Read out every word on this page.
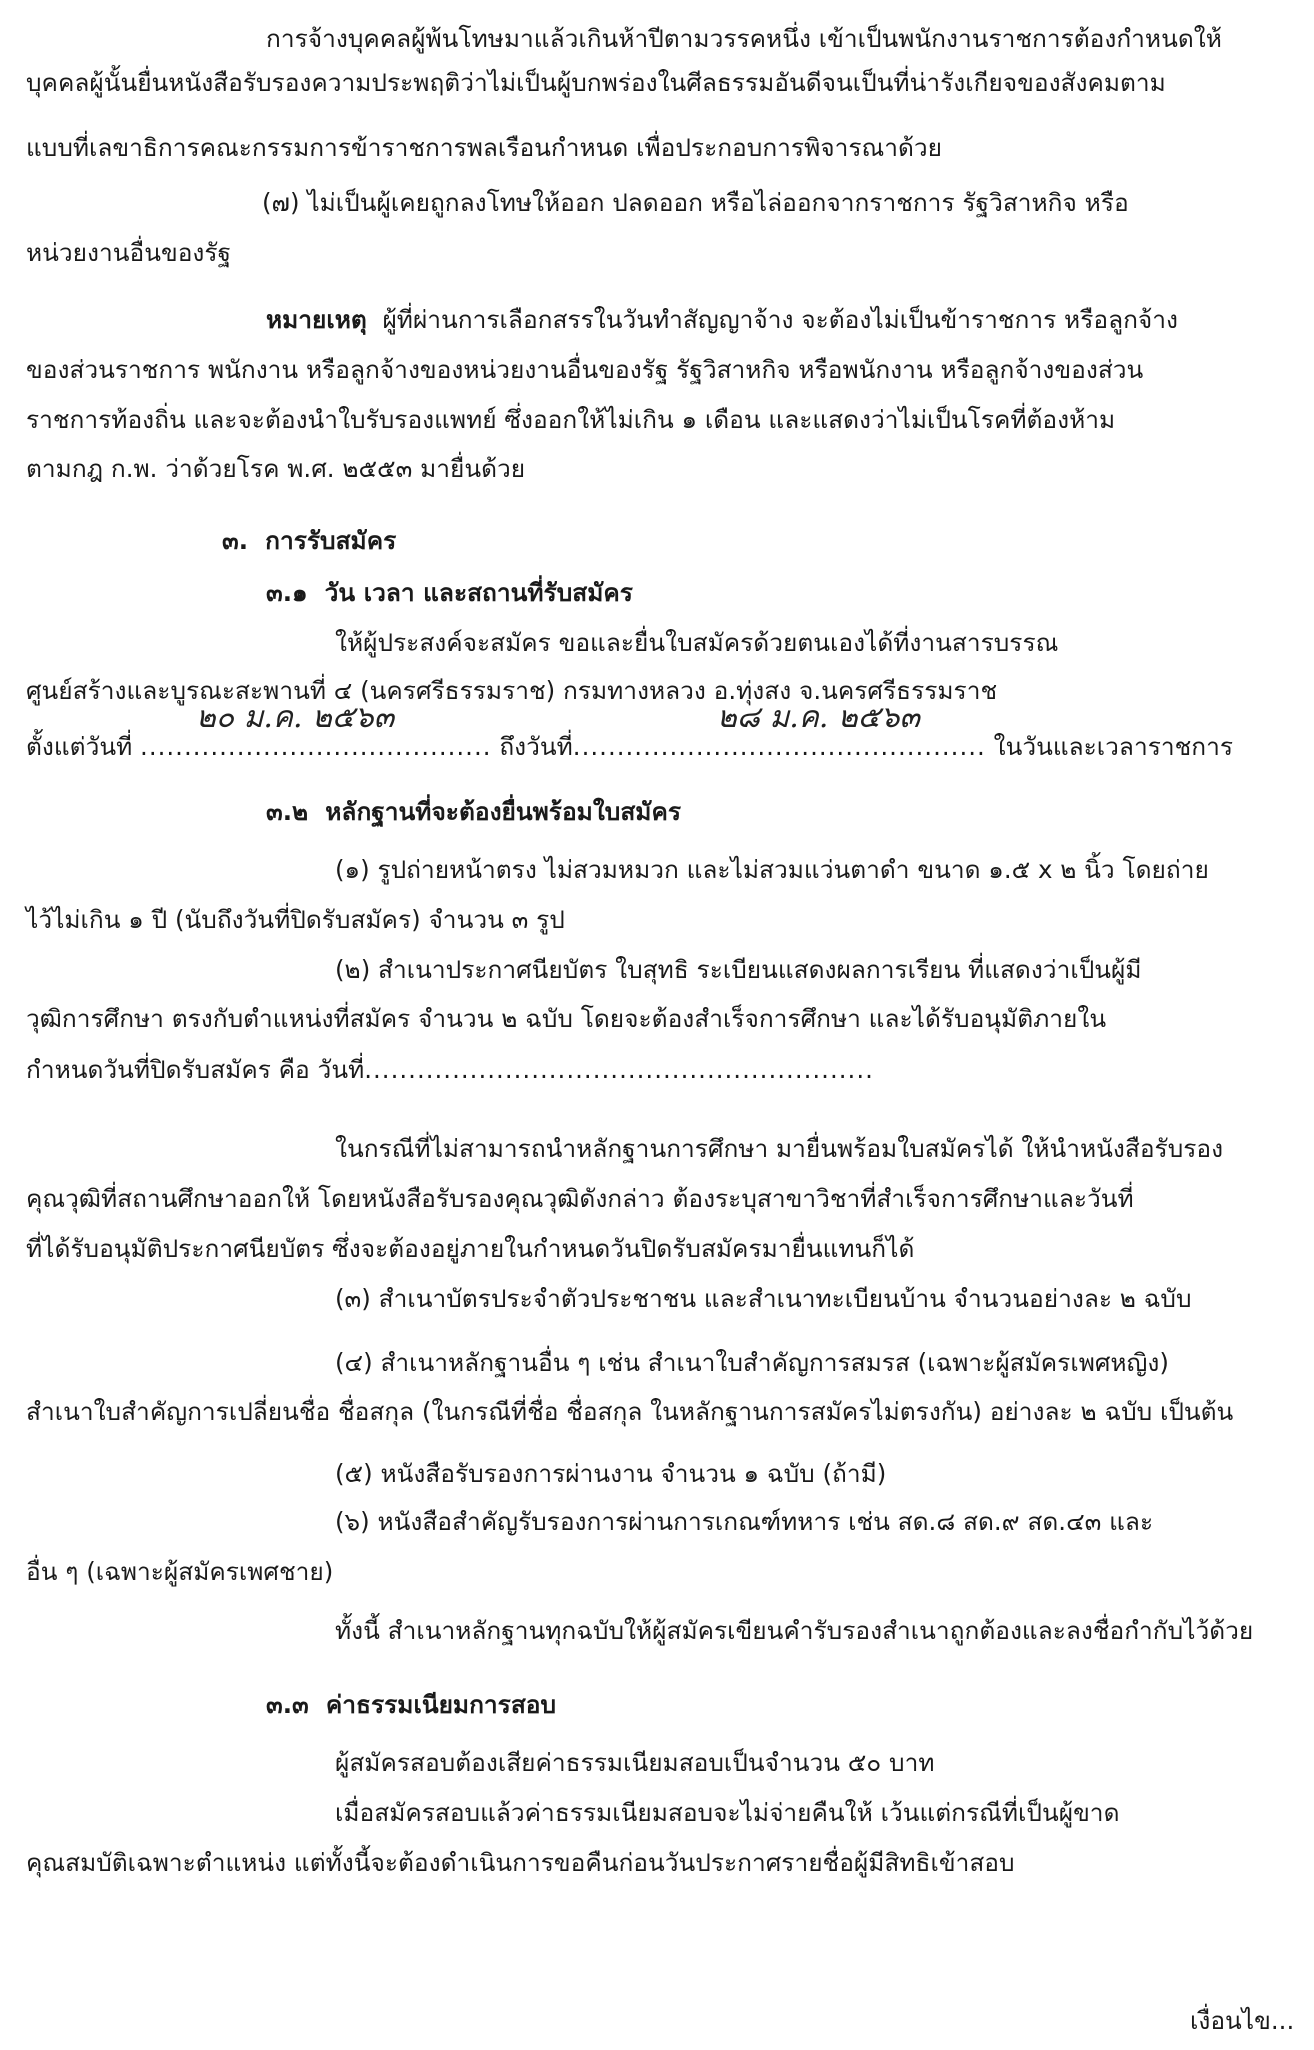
การจ้างบุคคลผู้พ้นโทษมาแล้วเกินห้าปีตามวรรคหนึ่ง เข้าเป็นพนักงานราชการต้องกำหนดให้
บุคคลผู้นั้นยื่นหนังสือรับรองความประพฤติว่าไม่เป็นผู้บกพร่องในศีลธรรมอันดีจนเป็นที่น่ารังเกียจของสังคมตาม
แบบที่เลขาธิการคณะกรรมการข้าราชการพลเรือนกำหนด เพื่อประกอบการพิจารณาด้วย
(๗) ไม่เป็นผู้เคยถูกลงโทษให้ออก ปลดออก หรือไล่ออกจากราชการ รัฐวิสาหกิจ หรือ
หน่วยงานอื่นของรัฐ
หมายเหตุ ผู้ที่ผ่านการเลือกสรรในวันทำสัญญาจ้าง จะต้องไม่เป็นข้าราชการ หรือลูกจ้าง
ของส่วนราชการ พนักงาน หรือลูกจ้างของหน่วยงานอื่นของรัฐ รัฐวิสาหกิจ หรือพนักงาน หรือลูกจ้างของส่วน
ราชการท้องถิ่น และจะต้องนำใบรับรองแพทย์ ซึ่งออกให้ไม่เกิน ๑ เดือน และแสดงว่าไม่เป็นโรคที่ต้องห้าม
ตามกฎ ก.พ. ว่าด้วยโรค พ.ศ. ๒๕๕๓ มายื่นด้วย
๓. การรับสมัคร
๓.๑ วัน เวลา และสถานที่รับสมัคร
ให้ผู้ประสงค์จะสมัคร ขอและยื่นใบสมัครด้วยตนเองได้ที่งานสารบรรณ
ศูนย์สร้างและบูรณะสะพานที่ ๔ (นครศรีธรรมราช) กรมทางหลวง อ.ทุ่งสง จ.นครศรีธรรมราช
ตั้งแต่วันที่ ........................................ ถึงวันที่............................................... ในวันและเวลาราชการ
๒๐ ม.ค. ๒๕๖๓	๒๘ ม.ค. ๒๕๖๓
๓.๒ หลักฐานที่จะต้องยื่นพร้อมใบสมัคร
(๑) รูปถ่ายหน้าตรง ไม่สวมหมวก และไม่สวมแว่นตาดำ ขนาด ๑.๕ x ๒ นิ้ว โดยถ่าย
ไว้ไม่เกิน ๑ ปี (นับถึงวันที่ปิดรับสมัคร) จำนวน ๓ รูป
(๒) สำเนาประกาศนียบัตร ใบสุทธิ ระเบียนแสดงผลการเรียน ที่แสดงว่าเป็นผู้มี
วุฒิการศึกษา ตรงกับตำแหน่งที่สมัคร จำนวน ๒ ฉบับ โดยจะต้องสำเร็จการศึกษา และได้รับอนุมัติภายใน
กำหนดวันที่ปิดรับสมัคร คือ วันที่..........................................................
ในกรณีที่ไม่สามารถนำหลักฐานการศึกษา มายื่นพร้อมใบสมัครได้ ให้นำหนังสือรับรอง
คุณวุฒิที่สถานศึกษาออกให้ โดยหนังสือรับรองคุณวุฒิดังกล่าว ต้องระบุสาขาวิชาที่สำเร็จการศึกษาและวันที่
ที่ได้รับอนุมัติประกาศนียบัตร ซึ่งจะต้องอยู่ภายในกำหนดวันปิดรับสมัครมายื่นแทนก็ได้
(๓) สำเนาบัตรประจำตัวประชาชน และสำเนาทะเบียนบ้าน จำนวนอย่างละ ๒ ฉบับ
(๔) สำเนาหลักฐานอื่น ๆ เช่น สำเนาใบสำคัญการสมรส (เฉพาะผู้สมัครเพศหญิง)
สำเนาใบสำคัญการเปลี่ยนชื่อ ชื่อสกุล (ในกรณีที่ชื่อ ชื่อสกุล ในหลักฐานการสมัครไม่ตรงกัน) อย่างละ ๒ ฉบับ เป็นต้น
(๕) หนังสือรับรองการผ่านงาน จำนวน ๑ ฉบับ (ถ้ามี)
(๖) หนังสือสำคัญรับรองการผ่านการเกณฑ์ทหาร เช่น สด.๘ สด.๙ สด.๔๓ และ
อื่น ๆ (เฉพาะผู้สมัครเพศชาย)
ทั้งนี้ สำเนาหลักฐานทุกฉบับให้ผู้สมัครเขียนคำรับรองสำเนาถูกต้องและลงชื่อกำกับไว้ด้วย
๓.๓ ค่าธรรมเนียมการสอบ
ผู้สมัครสอบต้องเสียค่าธรรมเนียมสอบเป็นจำนวน ๕๐ บาท
เมื่อสมัครสอบแล้วค่าธรรมเนียมสอบจะไม่จ่ายคืนให้ เว้นแต่กรณีที่เป็นผู้ขาด
คุณสมบัติเฉพาะตำแหน่ง แต่ทั้งนี้จะต้องดำเนินการขอคืนก่อนวันประกาศรายชื่อผู้มีสิทธิเข้าสอบ
เงื่อนไข...
